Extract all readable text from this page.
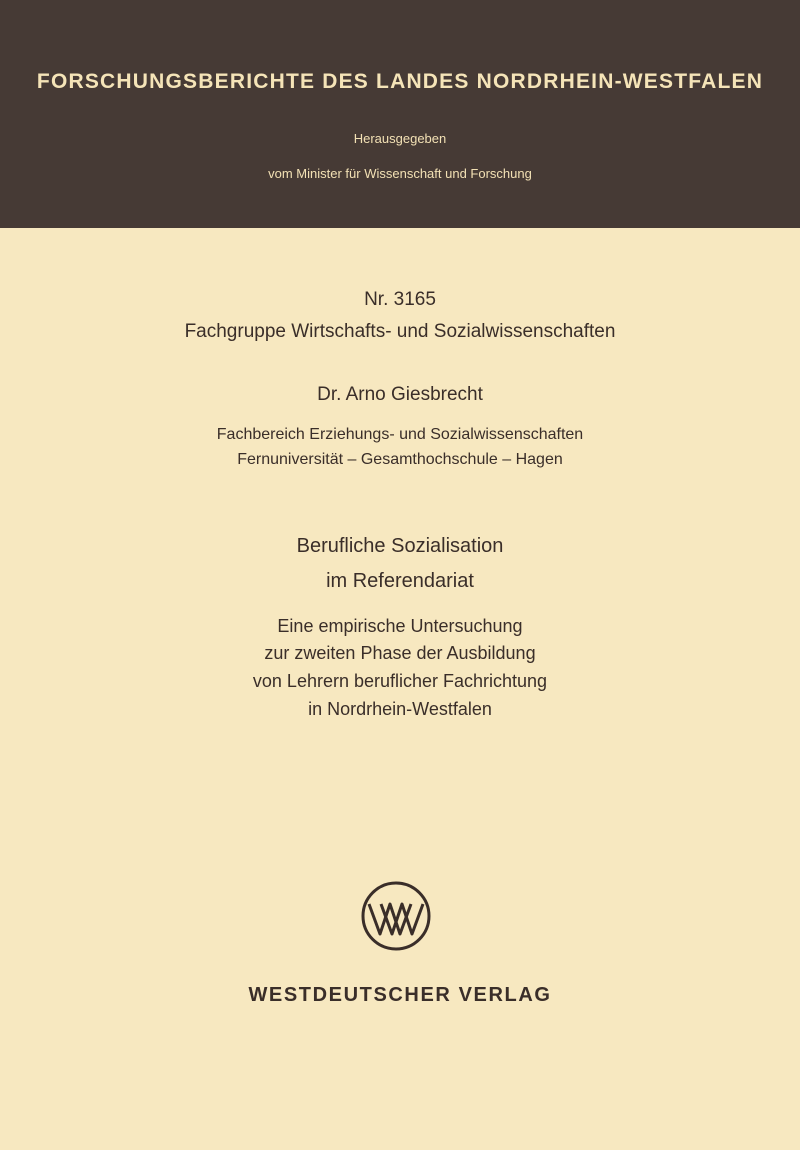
FORSCHUNGSBERICHTE DES LANDES NORDRHEIN-WESTFALEN
Herausgegeben
vom Minister für Wissenschaft und Forschung
Nr. 3165
Fachgruppe Wirtschafts- und Sozialwissenschaften
Dr. Arno Giesbrecht
Fachbereich Erziehungs- und Sozialwissenschaften
Fernuniversität – Gesamthochschule – Hagen
Berufliche Sozialisation
im Referendariat
Eine empirische Untersuchung
zur zweiten Phase der Ausbildung
von Lehrern beruflicher Fachrichtung
in Nordrhein-Westfalen
WESTDEUTSCHER VERLAG
